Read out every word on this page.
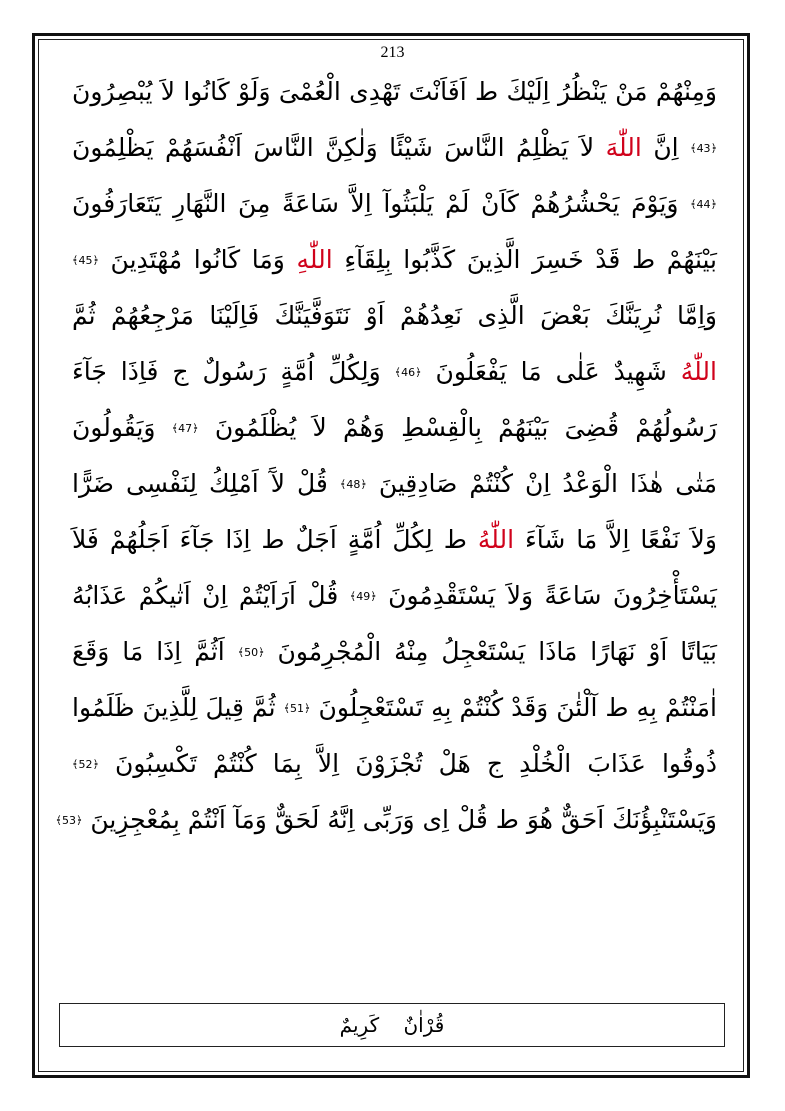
213
وَمِنْهُمْ مَنْ يَنْظُرُ اِلَيْكَ ط اَفَاَنْتَ تَهْدِى الْعُمْىَ وَلَوْ كَانُوا لاَ يُبْصِرُونَ
﴿43﴾ اِنَّ اللّٰهَ لاَ يَظْلِمُ النَّاسَ شَيْئًا وَلٰكِنَّ النَّاسَ اَنْفُسَهُمْ يَظْلِمُونَ
﴿44﴾ وَيَوْمَ يَحْشُرُهُمْ كَاَنْ لَمْ يَلْبَثُوآ اِلاَّ سَاعَةً مِنَ النَّهَارِ يَتَعَارَفُونَ
بَيْنَهُمْ ط قَدْ خَسِرَ الَّذِينَ كَذَّبُوا بِلِقَآءِ اللّٰهِ وَمَا كَانُوا مُهْتَدِينَ ﴿45﴾
وَاِمَّا نُرِيَنَّكَ بَعْضَ الَّذِى نَعِدُهُمْ اَوْ نَتَوَفَّيَنَّكَ فَاِلَيْنَا مَرْجِعُهُمْ ثُمَّ
اللّٰهُ شَهِيدٌ عَلٰى مَا يَفْعَلُونَ ﴿46﴾ وَلِكُلِّ اُمَّةٍ رَسُولٌ ج فَاِذَا جَآءَ
رَسُولُهُمْ قُضِىَ بَيْنَهُمْ بِالْقِسْطِ وَهُمْ لاَ يُظْلَمُونَ ﴿47﴾ وَيَقُولُونَ
مَتٰى هٰذَا الْوَعْدُ اِنْ كُنْتُمْ صَادِقِينَ ﴿48﴾ قُلْ لآَ اَمْلِكُ لِنَفْسِى ضَرًّا
وَلاَ نَفْعًا اِلاَّ مَا شَآءَ اللّٰهُ ط لِكُلِّ اُمَّةٍ اَجَلٌ ط اِذَا جَآءَ اَجَلُهُمْ فَلاَ
يَسْتَأْخِرُونَ سَاعَةً وَلاَ يَسْتَقْدِمُونَ ﴿49﴾ قُلْ اَرَاَيْتُمْ اِنْ اَتٰيكُمْ عَذَابُهُ
بَيَاتًا اَوْ نَهَارًا مَاذَا يَسْتَعْجِلُ مِنْهُ الْمُجْرِمُونَ ﴿50﴾ اَثُمَّ اِذَا مَا وَقَعَ
اٰمَنْتُمْ بِهِ ط آلْئٰنَ وَقَدْ كُنْتُمْ بِهِ تَسْتَعْجِلُونَ ﴿51﴾ ثُمَّ قِيلَ لِلَّذِينَ ظَلَمُوا
ذُوقُوا عَذَابَ الْخُلْدِ ج هَلْ تُجْزَوْنَ اِلاَّ بِمَا كُنْتُمْ تَكْسِبُونَ ﴿52﴾
وَيَسْتَنْبِؤُنَكَ اَحَقٌّ هُوَ ط قُلْ اِى وَرَبِّى اِنَّهُ لَحَقٌّ وَمَآ اَنْتُمْ بِمُعْجِزِينَ ﴿53﴾
قُرْاٰنٌ كَرِيمٌ
